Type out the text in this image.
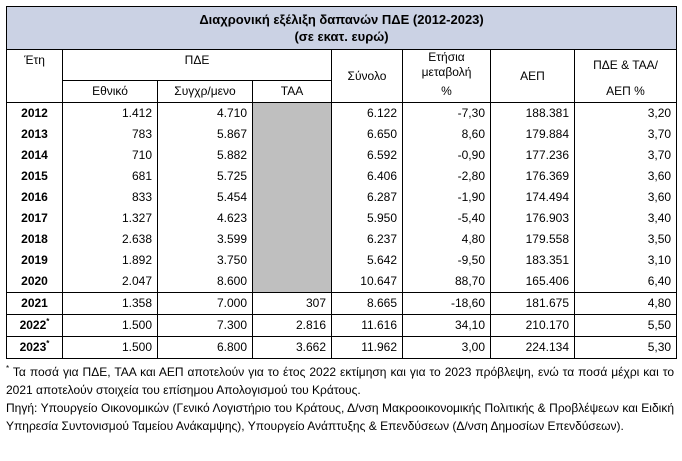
Διαχρονική εξέλιξη δαπανών ΠΔΕ (2012-2023)
(σε εκατ. ευρώ)							

Έτη	ΠΔΕ			Σύνολο	Ετήσια
μεταβολή	ΑΕΠ	ΠΔΕ & ΤΑΑ/
	Εθνικό	Συγχρ/μενο	ΤΑΑ		%		ΑΕΠ %
2012	1.412	4.710		6.122	-7,30	188.381	3,20
2013	783	5.867		6.650	8,60	179.884	3,70
2014	710	5.882		6.592	-0,90	177.236	3,70
2015	681	5.725		6.406	-2,80	176.369	3,60
2016	833	5.454		6.287	-1,90	174.494	3,60
2017	1.327	4.623		5.950	-5,40	176.903	3,40
2018	2.638	3.599		6.237	4,80	179.558	3,50
2019	1.892	3.750		5.642	-9,50	183.351	3,10
2020	2.047	8.600		10.647	88,70	165.406	6,40
2021	1.358	7.000	307	8.665	-18,60	181.675	4,80
2022*	1.500	7.300	2.816	11.616	34,10	210.170	5,50
2023*	1.500	6.800	3.662	11.962	3,00	224.134	5,30

* Τα ποσά για ΠΔΕ, ΤΑΑ και ΑΕΠ αποτελούν για το έτος 2022 εκτίμηση και για το 2023 πρόβλεψη, ενώ τα ποσά μέχρι και το 2021 αποτελούν στοιχεία του επίσημου Απολογισμού του Κράτους.

Πηγή: Υπουργείο Οικονομικών (Γενικό Λογιστήριο του Κράτους, Δ/νση Μακροοικονομικής Πολιτικής & Προβλέψεων και Ειδική Υπηρεσία Συντονισμού Ταμείου Ανάκαμψης), Υπουργείο Ανάπτυξης & Επενδύσεων (Δ/νση Δημοσίων Επενδύσεων).
